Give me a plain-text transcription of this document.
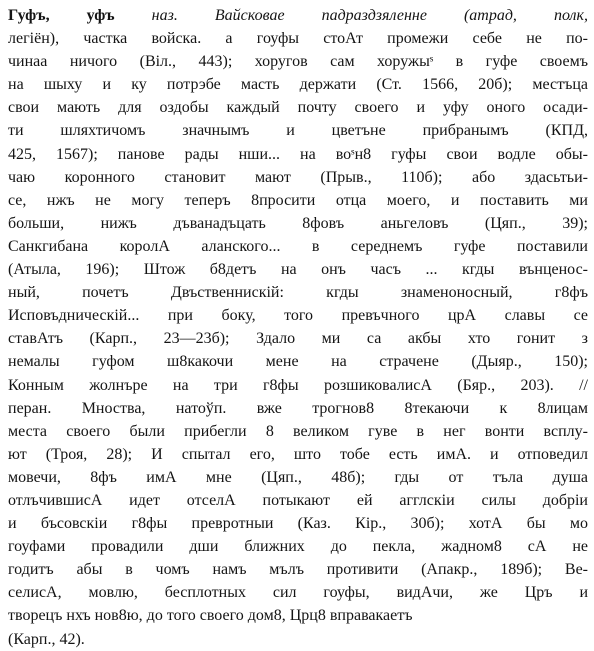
Гуфъ, уфъ наз. Вайсковае падраздзяленне (атрад, полк,
легіён), частка войска. а гоуфы стоАт промежи себе не по-
чинаа ничого (Віл., 443); хоругов сам хоружыˢ в гуфе своемъ
на шыху и ку потрэбе масть держати (Ст. 1566, 20б); местъца
свои мають для оздобы каждый почту своего и уфу оного осади-
ти шляхтичомъ значнымъ и цветъне прибранымъ (КПД,
425, 1567); панове рады нши... на воˢн8 гуфы свои водле обы-
чаю коронного становит мают (Прыв., 110б); або здасьтьи-
се, нжъ не могу теперъ 8просити отца моего, и поставить ми
больши, нижъ дъванадъцать 8фовъ аньгеловъ (Цяп., 39);
Санкгибана королА аланского... в середнемъ гуфе поставили
(Атыла, 196); Штож б8детъ на онъ часъ ... кгды вънценос-
ный, почетъ Двъственнискій: кгды знаменоносный, г8фъ
Исповъдническій... при боку, того превъчного црА славы се
ставАтъ (Карп., 23—23б); Здало ми са акбы хто гонит з
немалы гуфом ш8какочи мене на страчене (Дыяр., 150);
Конным жолнъре на три г8фы розшиковалисА (Бяр., 203). //
перан. Мноства, натоўп. вже трогнов8 8текаючи к 8лицам
места своего были прибегли 8 великом гуве в нег вонти всплу-
ют (Троя, 28); И спытал его, што тобе есть имА. и отповедил
мовечи, 8фъ имА мне (Цяп., 48б); гды от тъла душа
отлъчившисА идет отселА потыкают ей агглскіи силы добріи
и бъсовскіи г8фы превротныи (Каз. Кір., 30б); хотА бы мо
гоуфами провадили дши ближних до пекла, жадном8 сА не
годитъ абы в чомъ намъ мълъ противити (Апакр., 189б); Ве-
селисА, мовлю, бесплотных сил гоуфы, видАчи, же Цръ и
творецъ нхъ нов8ю, до того своего дом8, Црц8 вправакаетъ
(Карп., 42).
